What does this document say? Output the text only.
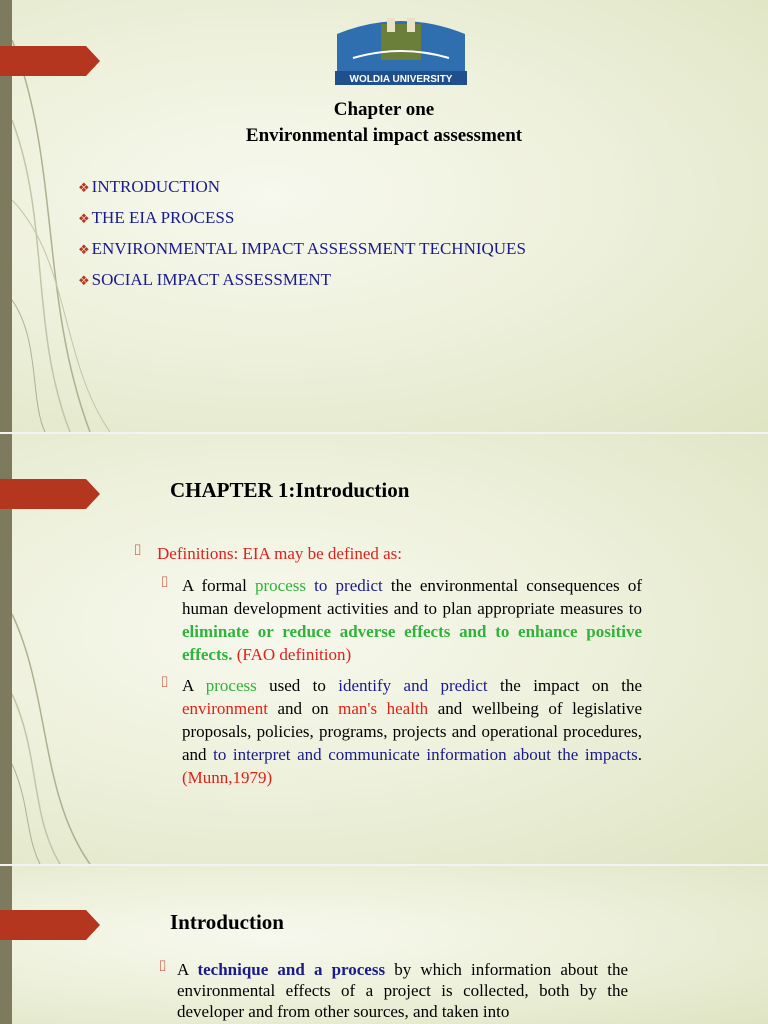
WOLDIA UNIVERSITY
Chapter one
Environmental impact assessment
❖ INTRODUCTION
❖ THE EIA PROCESS
❖ ENVIRONMENTAL IMPACT ASSESSMENT TECHNIQUES
❖ SOCIAL IMPACT ASSESSMENT
CHAPTER 1:Introduction
⌷ Definitions: EIA may be defined as:
⌷ A formal process to predict the environmental consequences of human development activities and to plan appropriate measures to eliminate or reduce adverse effects and to enhance positive effects. (FAO definition)

⌷ A process used to identify and predict the impact on the environment and on man's health and wellbeing of legislative proposals, policies, programs, projects and operational procedures, and to interpret and communicate information about the impacts. (Munn,1979)

Introduction
⌷ A technique and a process by which information about the environmental effects of a project is collected, both by the developer and from other sources, and taken into
